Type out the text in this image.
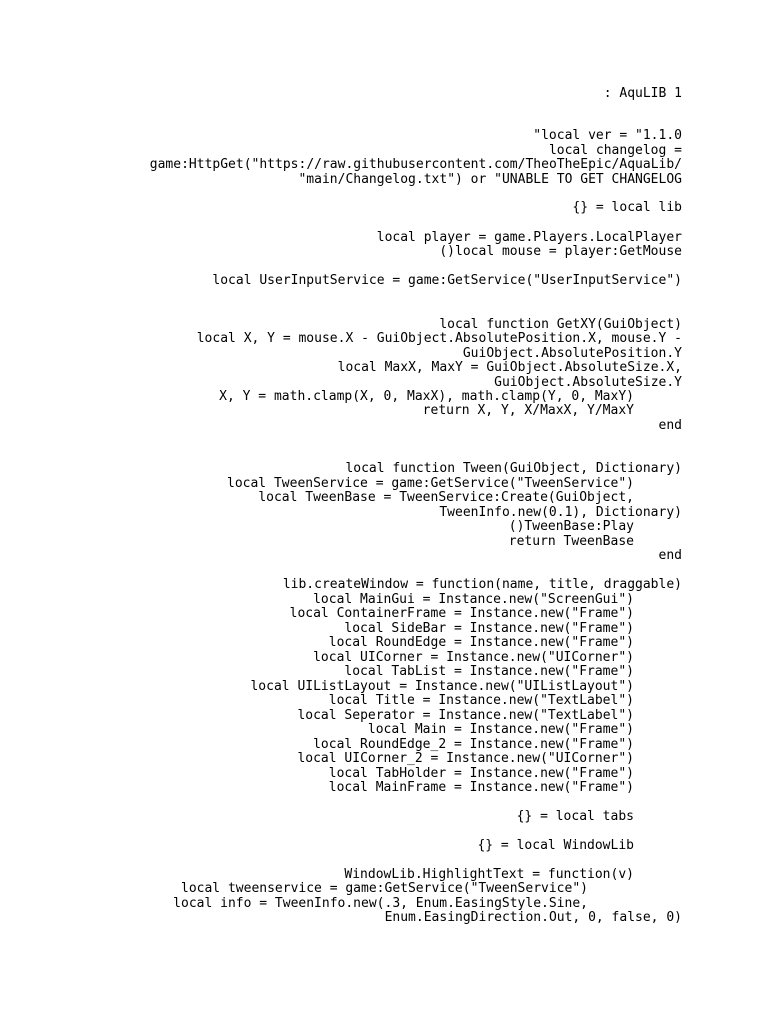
: AquLIB 1
"local ver = "1.1.0
local changelog =
game:HttpGet("https://raw.githubusercontent.com/TheoTheEpic/AquaLib/
"main/Changelog.txt") or "UNABLE TO GET CHANGELOG
{} = local lib
local player = game.Players.LocalPlayer
()local mouse = player:GetMouse
local UserInputService = game:GetService("UserInputService")
local function GetXY(GuiObject)
local X, Y = mouse.X - GuiObject.AbsolutePosition.X, mouse.Y -
GuiObject.AbsolutePosition.Y
local MaxX, MaxY = GuiObject.AbsoluteSize.X,
GuiObject.AbsoluteSize.Y
X, Y = math.clamp(X, 0, MaxX), math.clamp(Y, 0, MaxY)
return X, Y, X/MaxX, Y/MaxY
end
local function Tween(GuiObject, Dictionary)
local TweenService = game:GetService("TweenService")
local TweenBase = TweenService:Create(GuiObject,
TweenInfo.new(0.1), Dictionary)
()TweenBase:Play
return TweenBase
end
lib.createWindow = function(name, title, draggable)
local MainGui = Instance.new("ScreenGui")
local ContainerFrame = Instance.new("Frame")
local SideBar = Instance.new("Frame")
local RoundEdge = Instance.new("Frame")
local UICorner = Instance.new("UICorner")
local TabList = Instance.new("Frame")
local UIListLayout = Instance.new("UIListLayout")
local Title = Instance.new("TextLabel")
local Seperator = Instance.new("TextLabel")
local Main = Instance.new("Frame")
local RoundEdge_2 = Instance.new("Frame")
local UICorner_2 = Instance.new("UICorner")
local TabHolder = Instance.new("Frame")
local MainFrame = Instance.new("Frame")
{} = local tabs
{} = local WindowLib
WindowLib.HighlightText = function(v)
local tweenservice = game:GetService("TweenService")
local info = TweenInfo.new(.3, Enum.EasingStyle.Sine,
Enum.EasingDirection.Out, 0, false, 0)
